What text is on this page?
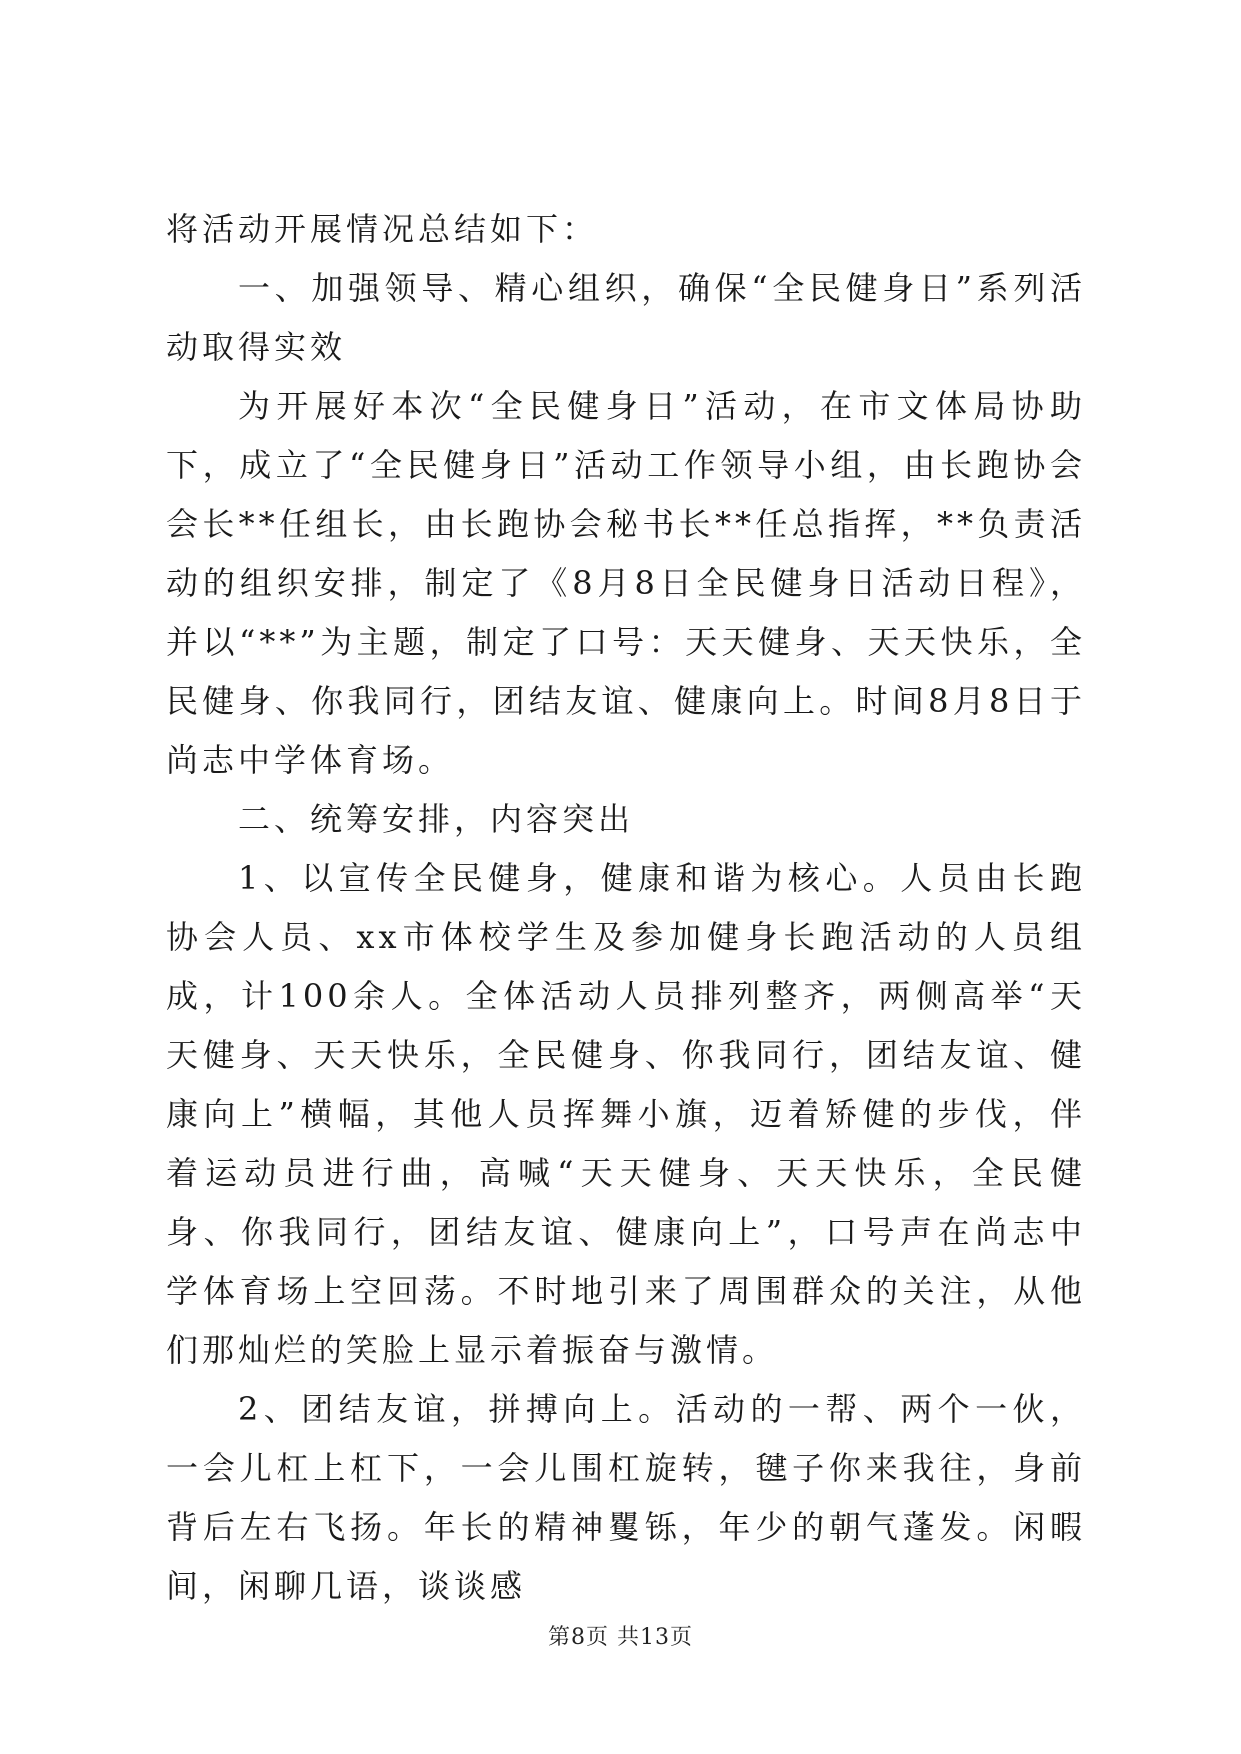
将活动开展情况总结如下：

一、加强领导、精心组织，确保“全民健身日”系列活动取得实效

为开展好本次“全民健身日”活动，在市文体局协助下，成立了“全民健身日”活动工作领导小组，由长跑协会会长**任组长，由长跑协会秘书长**任总指挥，**负责活动的组织安排，制定了《8月8日全民健身日活动日程》，并以“**”为主题，制定了口号：天天健身、天天快乐，全民健身、你我同行，团结友谊、健康向上。时间8月8日于尚志中学体育场。

二、统筹安排，内容突出

1、以宣传全民健身，健康和谐为核心。人员由长跑协会人员、xx市体校学生及参加健身长跑活动的人员组成，计100余人。全体活动人员排列整齐，两侧高举“天天健身、天天快乐，全民健身、你我同行，团结友谊、健康向上”横幅，其他人员挥舞小旗，迈着矫健的步伐，伴着运动员进行曲，高喊“天天健身、天天快乐，全民健身、你我同行，团结友谊、健康向上”，口号声在尚志中学体育场上空回荡。不时地引来了周围群众的关注，从他们那灿烂的笑脸上显示着振奋与激情。

2、团结友谊，拼搏向上。活动的一帮、两个一伙，一会儿杠上杠下，一会儿围杠旋转，毽子你来我往，身前背后左右飞扬。年长的精神矍铄，年少的朝气蓬发。闲暇间，闲聊几语，谈谈感

第8页 共13页
